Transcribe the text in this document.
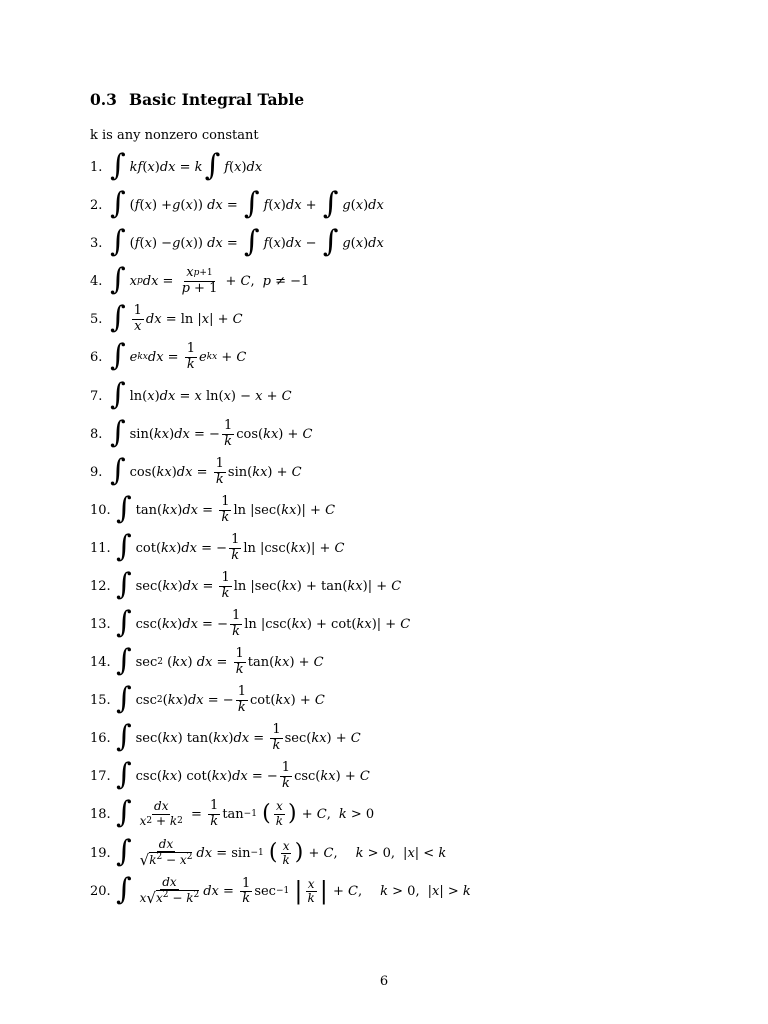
0.3 Basic Integral Table
k is any nonzero constant
1. ∫ kf ( x ) dx = k ∫ f ( x ) dx
2. ∫ ( f ( x ) + g ( x )) dx = ∫ f ( x ) dx + ∫ g ( x ) dx
3. ∫ ( f ( x ) − g ( x )) dx = ∫ f ( x ) dx − ∫ g ( x ) dx
4. ∫ x p dx = $\frac{\text{x p+1}}{p + 1} + C$ , p ≠ −1
5. ∫ $\frac{1}{x}$ dx = ln | x | + C
6. ∫ e kx dx = $\frac{1}{k}$ e kx + C
7. ∫ ln( x ) dx = x ln( x ) − x + C
8. ∫ sin( kx ) dx = − $\frac{1}{k} \cos$( kx ) + C
9. ∫ cos( kx ) dx = $\frac{1}{k} \sin$( kx ) + C
10. ∫ tan( kx ) dx = $\frac{1}{k}$ ln |sec( kx )| + C
11. ∫ cot( kx ) dx = − $\frac{1}{k}$ ln |csc( kx )| + C
12. ∫ sec( kx ) dx = $\frac{1}{k}$ ln |sec( kx ) + tan( kx )| + C
13. ∫ csc( kx ) dx = − $\frac{1}{k}$ ln |csc( kx ) + cot( kx )| + C
14. ∫ sec 2 ( kx ) dx = $\frac{1}{k} \tan$( kx ) + C
15. ∫ csc 2 ( kx ) dx = − $\frac{1}{k} \cot$( kx ) + C
16. ∫ sec( kx ) tan( kx ) dx = $\frac{1}{k} \sec$( kx ) + C
17. ∫ csc( kx ) cot( kx ) dx = − $\frac{1}{k} \csc$( kx ) + C
18. ∫ $\frac{dx}{x 2 + k 2} = \frac{1}{k}$ tan −1
( $\frac{x}{k}$ ) + C , k > 0
19. ∫ $\frac{dx}{√ k^2 - x^2}$ dx = sin −1
( $\frac{x}{k}$ ) + C , k > 0, | x | < k
20. ∫ $\frac{dx}{x √ x^2 - k^2}$ dx = $\frac{1}{k}$ sec −1
| $\frac{x}{k}$ | + C , k > 0, | x | > k
6
